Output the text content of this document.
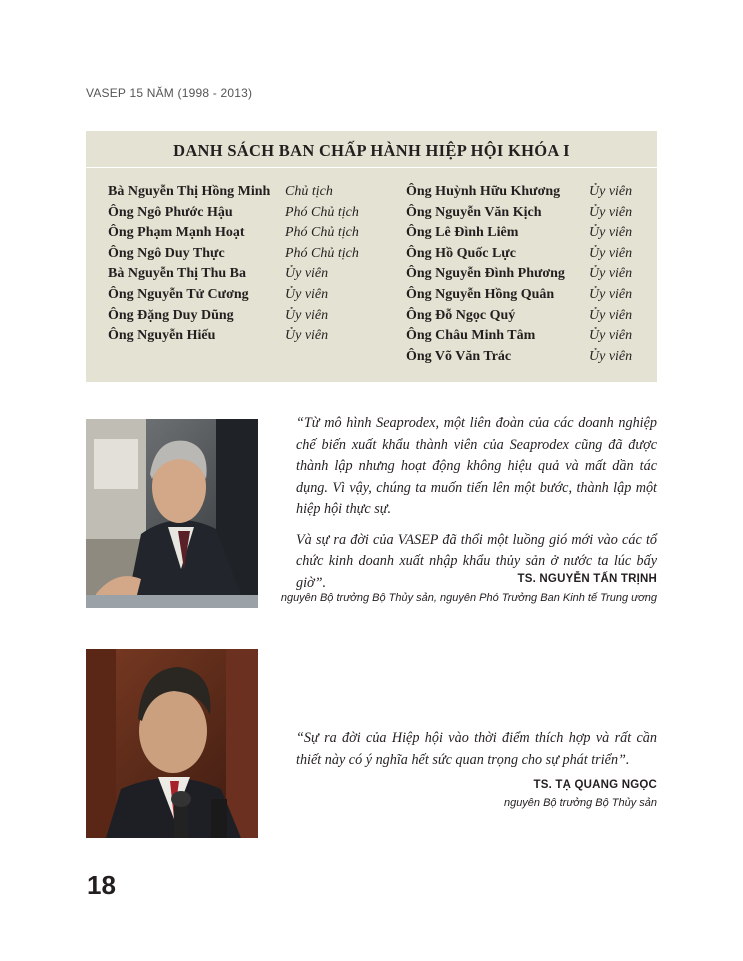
VASEP 15 NĂM (1998 - 2013)
DANH SÁCH BAN CHẤP HÀNH HIỆP HỘI KHÓA I
Bà Nguyễn Thị Hồng Minh	Chủ tịch
Ông Ngô Phước Hậu	Phó Chủ tịch
Ông Phạm Mạnh Hoạt	Phó Chủ tịch
Ông Ngô Duy Thực	Phó Chủ tịch
Bà Nguyễn Thị Thu Ba	Ủy viên
Ông Nguyễn Tử Cương	Ủy viên
Ông Đặng Duy Dũng	Ủy viên
Ông Nguyễn Hiếu	Ủy viên
Ông Huỳnh Hữu Khương	Ủy viên
Ông Nguyễn Văn Kịch	Ủy viên
Ông Lê Đình Liêm	Ủy viên
Ông Hồ Quốc Lực	Ủy viên
Ông Nguyễn Đình Phương	Ủy viên
Ông Nguyễn Hồng Quân	Ủy viên
Ông Đỗ Ngọc Quý	Ủy viên
Ông Châu Minh Tâm	Ủy viên
Ông Võ Văn Trác	Ủy viên

“Từ mô hình Seaprodex, một liên đoàn của các doanh nghiệp chế biến xuất khẩu thành viên của Seaprodex cũng đã được thành lập nhưng hoạt động không hiệu quả và mất dần tác dụng. Vì vậy, chúng ta muốn tiến lên một bước, thành lập một hiệp hội thực sự.

Và sự ra đời của VASEP đã thổi một luồng gió mới vào các tổ chức kinh doanh xuất nhập khẩu thủy sản ở nước ta lúc bấy giờ”.	TS. NGUYỄN TẤN TRỊNH
nguyên Bộ trưởng Bộ Thủy sản, nguyên Phó Trưởng Ban Kinh tế Trung ương

“Sự ra đời của Hiệp hội vào thời điểm thích hợp và rất cần thiết này có ý nghĩa hết sức quan trọng cho sự phát triển”.

TS. TẠ QUANG NGỌC
nguyên Bộ trưởng Bộ Thủy sản
18
